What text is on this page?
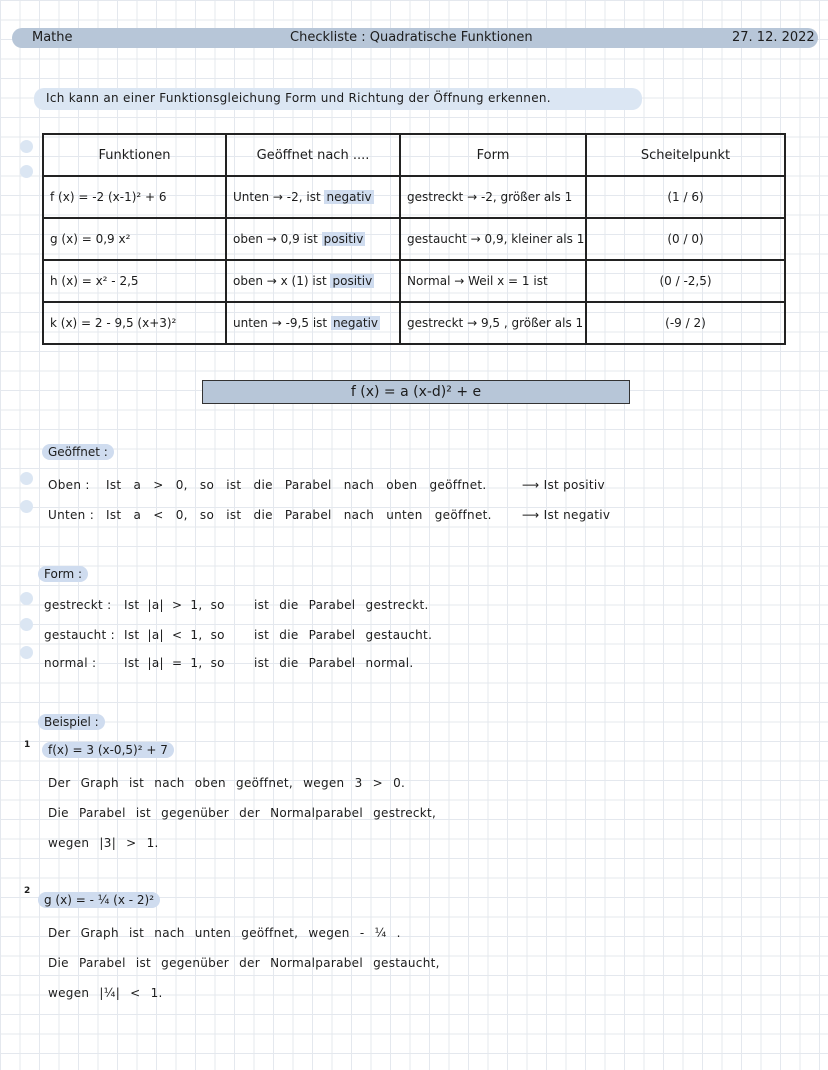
Mathe	Checkliste : Quadratische Funktionen	27. 12. 2022
Ich kann an einer Funktionsgleichung Form und Richtung der Öffnung erkennen.
Funktionen	Geöffnet nach ....	Form	Scheitelpunkt
f (x) = -2 (x-1)² + 6	Unten → -2, ist negativ	gestreckt → -2, größer als 1	(1 / 6)
g (x) = 0,9 x²	oben → 0,9 ist positiv	gestaucht → 0,9, kleiner als 1	(0 / 0)
h (x) = x² - 2,5	oben → x (1) ist positiv	Normal → Weil x = 1 ist	(0 / -2,5)
k (x) = 2 - 9,5 (x+3)²	unten → -9,5 ist negativ	gestreckt → 9,5 , größer als 1	(-9 / 2)
f (x) = a (x-d)² + e
Geöffnet :
Oben : Ist a > 0, so ist die Parabel nach oben geöffnet.	⟶ Ist positiv
Unten : Ist a < 0, so ist die Parabel nach unten geöffnet.	⟶ Ist negativ
Form :
gestreckt : Ist |a| > 1, so ist die Parabel gestreckt.
gestaucht : Ist |a| < 1, so ist die Parabel gestaucht.
normal : Ist |a| = 1, so ist die Parabel normal.
Beispiel :
1	f(x) = 3 (x-0,5)² + 7
Der Graph ist nach oben geöffnet, wegen 3 > 0.
Die Parabel ist gegenüber der Normalparabel gestreckt,
wegen |3| > 1.
2
g (x) = - ¼ (x - 2)²
Der Graph ist nach unten geöffnet, wegen - ¼ .
Die Parabel ist gegenüber der Normalparabel gestaucht,
wegen |¼| < 1.
